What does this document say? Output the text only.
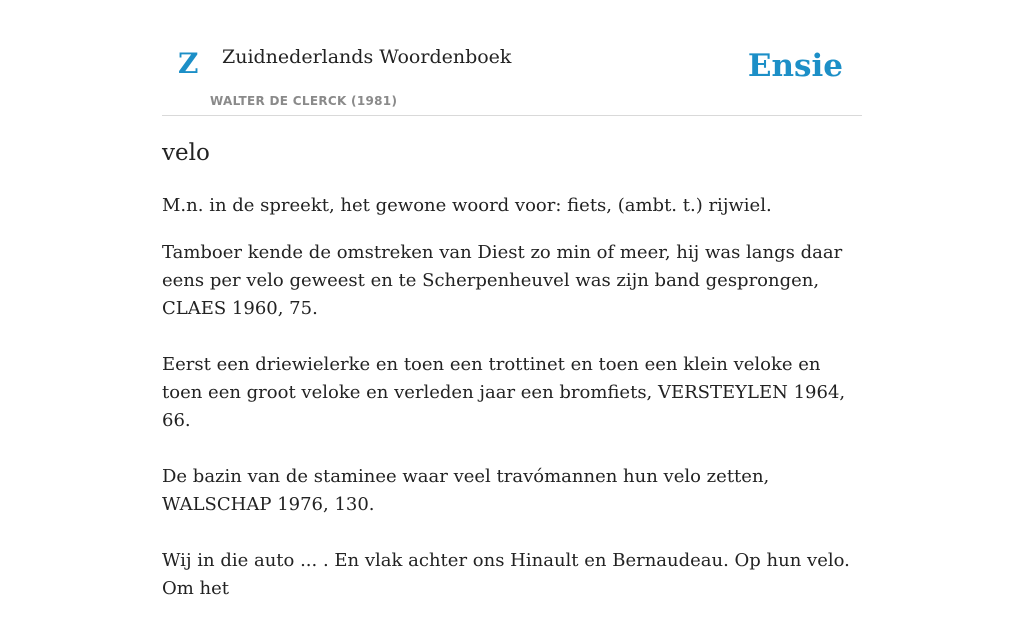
Z Zuidnederlands Woordenboek
WALTER DE CLERCK (1981)
Ensie
velo

M.n. in de spreekt, het gewone woord voor: fiets, (ambt. t.) rijwiel.

Tamboer kende de omstreken van Diest zo min of meer, hij was langs daar eens per velo geweest en te Scherpenheuvel was zijn band gesprongen, CLAES 1960, 75.

Eerst een driewielerke en toen een trottinet en toen een klein veloke en toen een groot veloke en verleden jaar een bromfiets, VERSTEYLEN 1964, 66.

De bazin van de staminee waar veel travómannen hun velo zetten, WALSCHAP 1976, 130.

Wij in die auto ... . En vlak achter ons Hinault en Bernaudeau. Op hun velo. Om het
